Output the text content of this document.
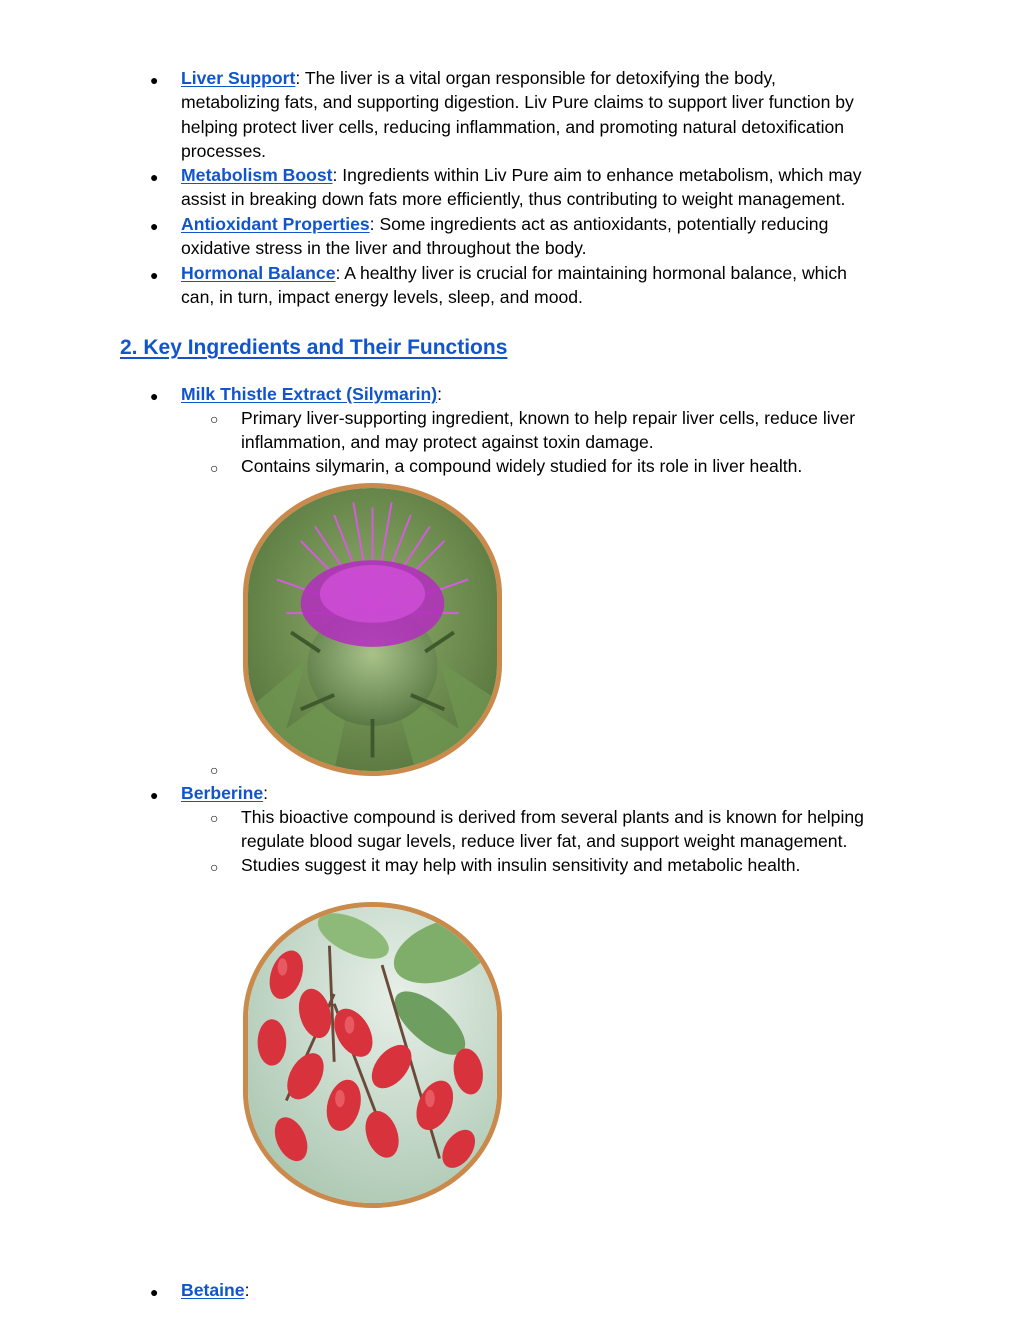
● Liver Support: The liver is a vital organ responsible for detoxifying the body,
metabolizing fats, and supporting digestion. Liv Pure claims to support liver function by
helping protect liver cells, reducing inflammation, and promoting natural detoxification
processes.
● Metabolism Boost: Ingredients within Liv Pure aim to enhance metabolism, which may
assist in breaking down fats more efficiently, thus contributing to weight management.
● Antioxidant Properties: Some ingredients act as antioxidants, potentially reducing
oxidative stress in the liver and throughout the body.
● Hormonal Balance: A healthy liver is crucial for maintaining hormonal balance, which
can, in turn, impact energy levels, sleep, and mood.
2. Key Ingredients and Their Functions
● Milk Thistle Extract (Silymarin):
○ Primary liver-supporting ingredient, known to help repair liver cells, reduce liver
inflammation, and may protect against toxin damage.
○ Contains silymarin, a compound widely studied for its role in liver health.
○
● Berberine:
○ This bioactive compound is derived from several plants and is known for helping
regulate blood sugar levels, reduce liver fat, and support weight management.
○ Studies suggest it may help with insulin sensitivity and metabolic health.
● Betaine:
